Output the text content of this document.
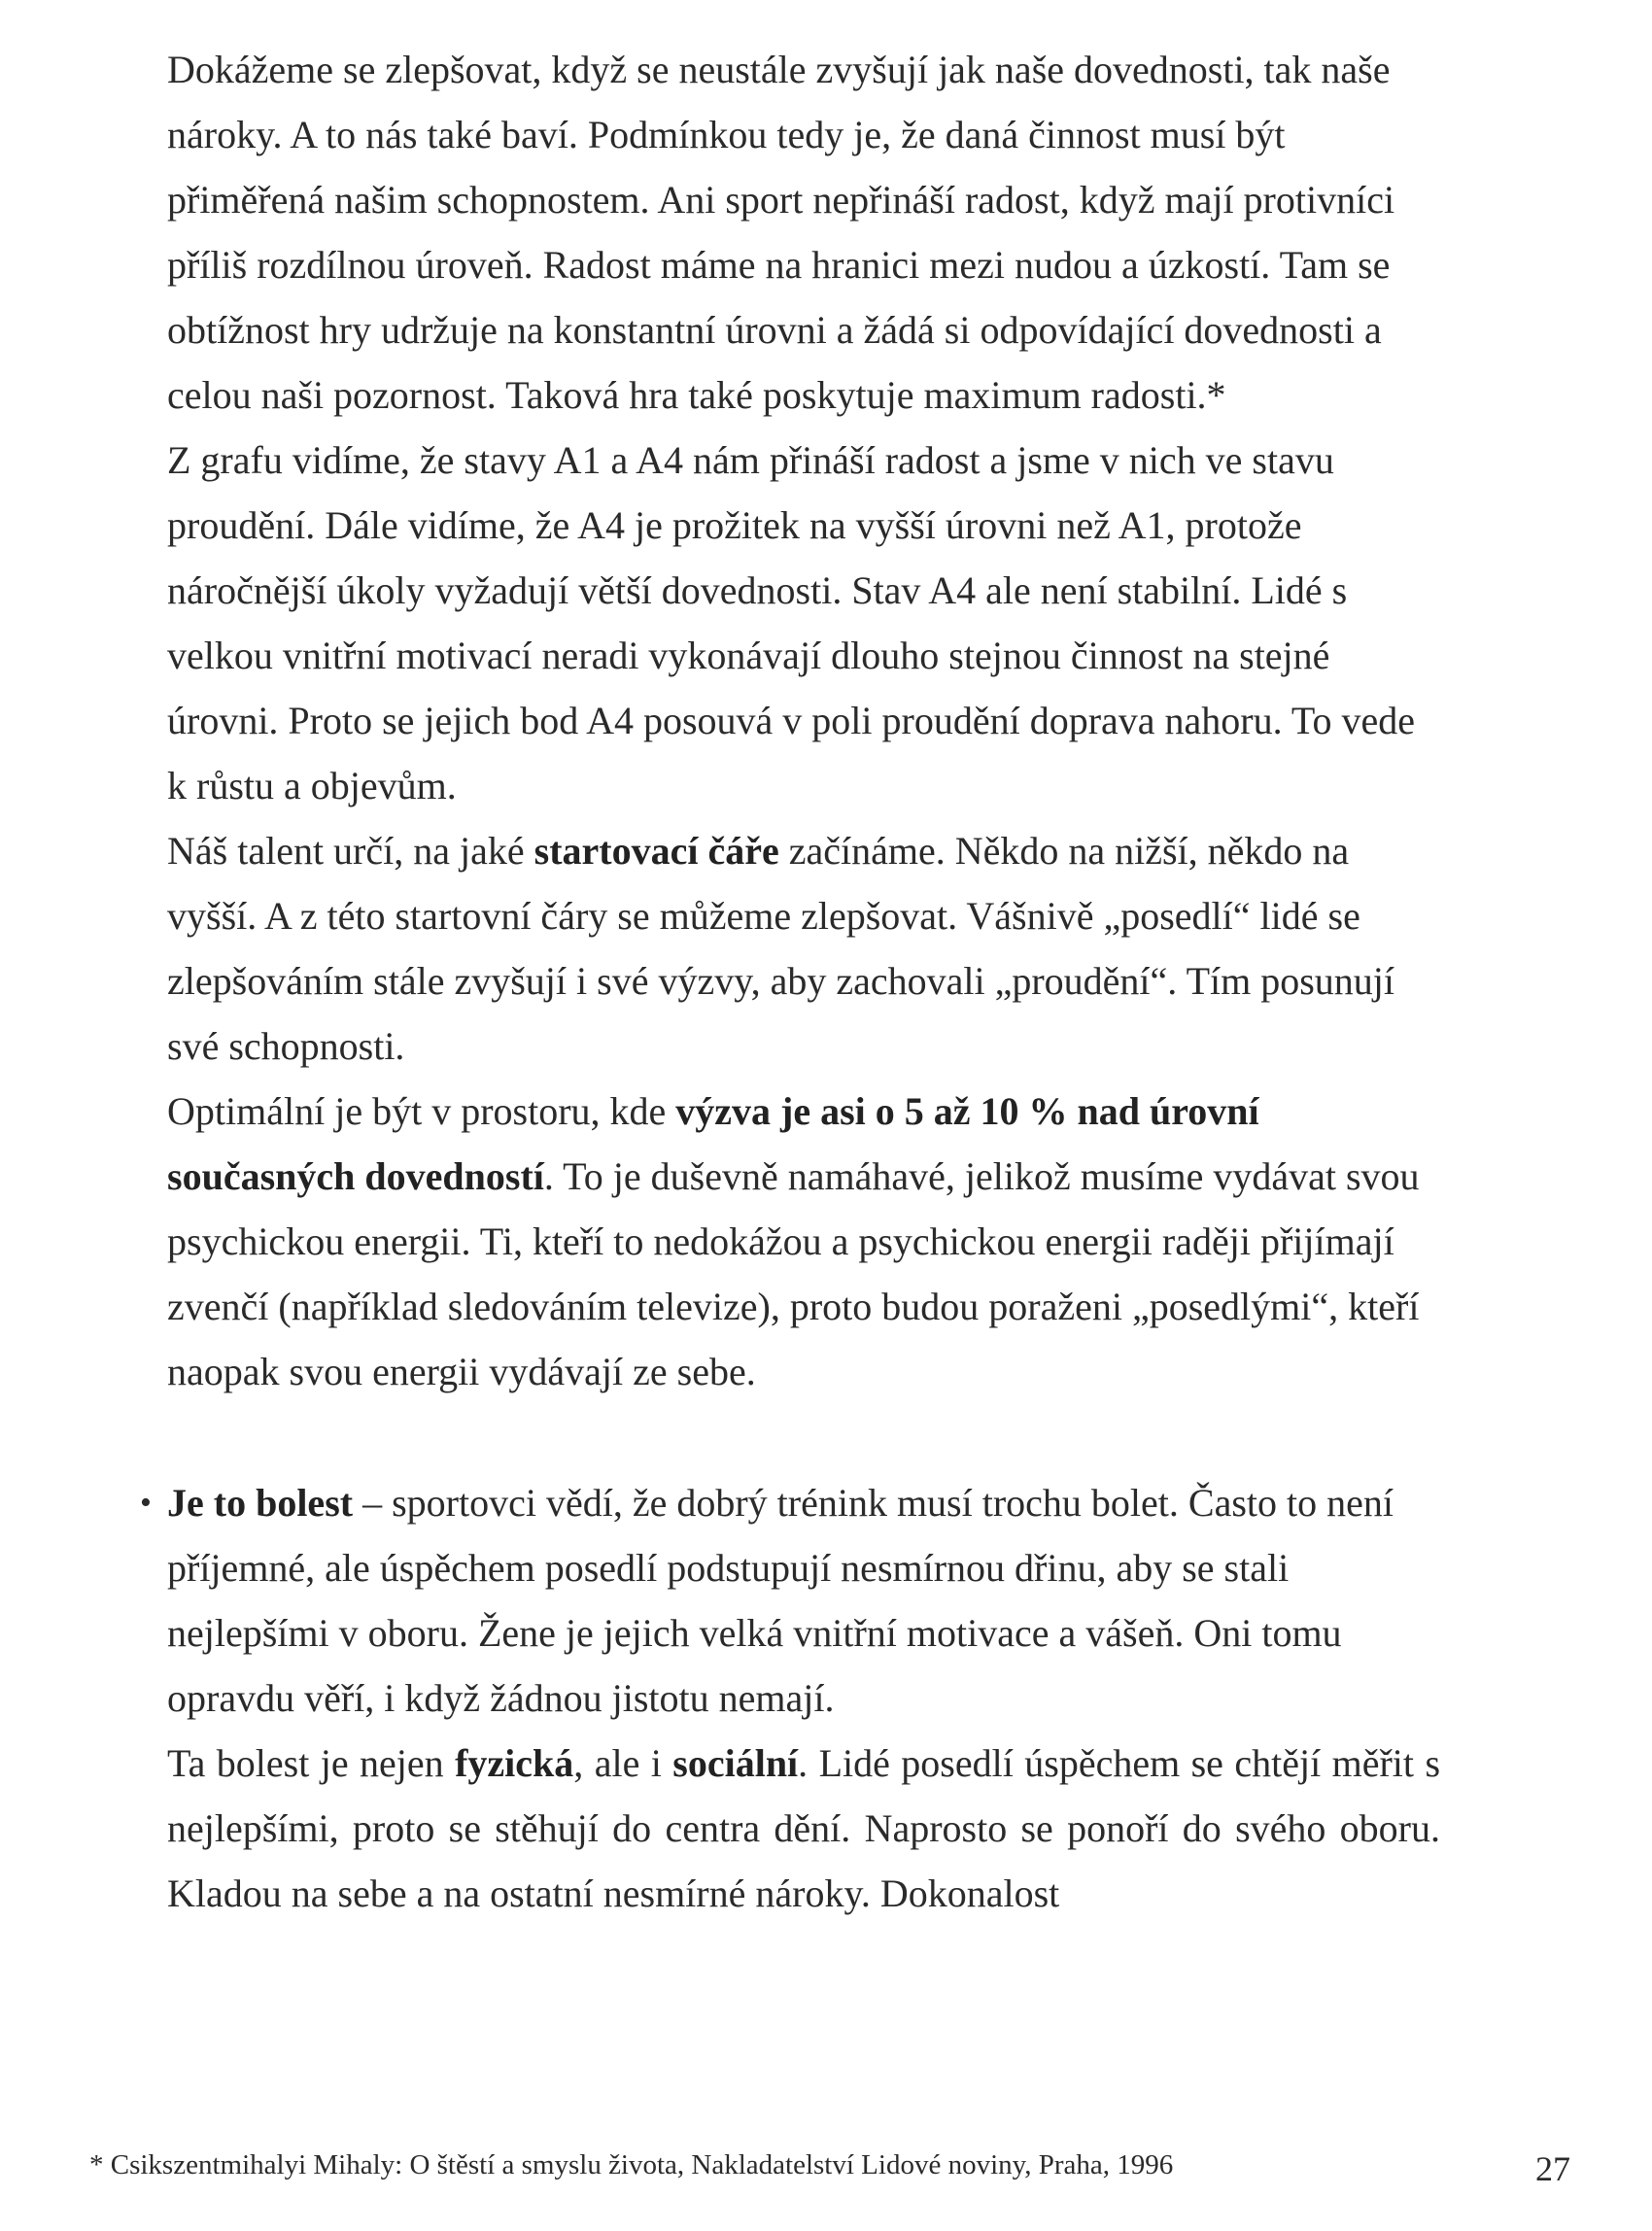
Dokážeme se zlepšovat, když se neustále zvyšují jak naše dovednosti, tak naše nároky. A to nás také baví. Podmínkou tedy je, že daná činnost musí být přiměřená našim schopnostem. Ani sport nepřináší radost, když mají protivníci příliš rozdílnou úroveň. Radost máme na hranici mezi nudou a úzkostí. Tam se obtížnost hry udržuje na konstantní úrovni a žádá si odpovídající dovednosti a celou naši pozornost. Taková hra také poskytuje maximum radosti.*

Z grafu vidíme, že stavy A1 a A4 nám přináší radost a jsme v nich ve stavu proudění. Dále vidíme, že A4 je prožitek na vyšší úrovni než A1, protože náročnější úkoly vyžadují větší dovednosti. Stav A4 ale není stabilní. Lidé s velkou vnitřní motivací neradi vykonávají dlouho stejnou činnost na stejné úrovni. Proto se jejich bod A4 posouvá v poli proudění doprava nahoru. To vede k růstu a objevům.

Náš talent určí, na jaké startovací čáře začínáme. Někdo na nižší, někdo na vyšší. A z této startovní čáry se můžeme zlepšovat. Vášnivě „posedlí“ lidé se zlepšováním stále zvyšují i své výzvy, aby zachovali „proudění“. Tím posunují své schopnosti.

Optimální je být v prostoru, kde výzva je asi o 5 až 10 % nad úrovní současných dovedností. To je duševně namáhavé, jelikož musíme vydávat svou psychickou energii. Ti, kteří to nedokážou a psychickou energii raději přijímají zvenčí (například sledováním televize), proto budou poraženi „posedlými“, kteří naopak svou energii vydávají ze sebe.

• Je to bolest – sportovci vědí, že dobrý trénink musí trochu bolet. Často to není příjemné, ale úspěchem posedlí podstupují nesmírnou dřinu, aby se stali nejlepšími v oboru. Žene je jejich velká vnitřní motivace a vášeň. Oni tomu opravdu věří, i když žádnou jistotu nemají.

Ta bolest je nejen fyzická, ale i sociální. Lidé posedlí úspěchem se chtějí měřit s nejlepšími, proto se stěhují do centra dění. Naprosto se ponoří do svého oboru. Kladou na sebe a na ostatní nesmírné nároky. Dokonalost

* Csikszentmihalyi Mihaly: O štěstí a smyslu života, Nakladatelství Lidové noviny, Praha, 1996	27
